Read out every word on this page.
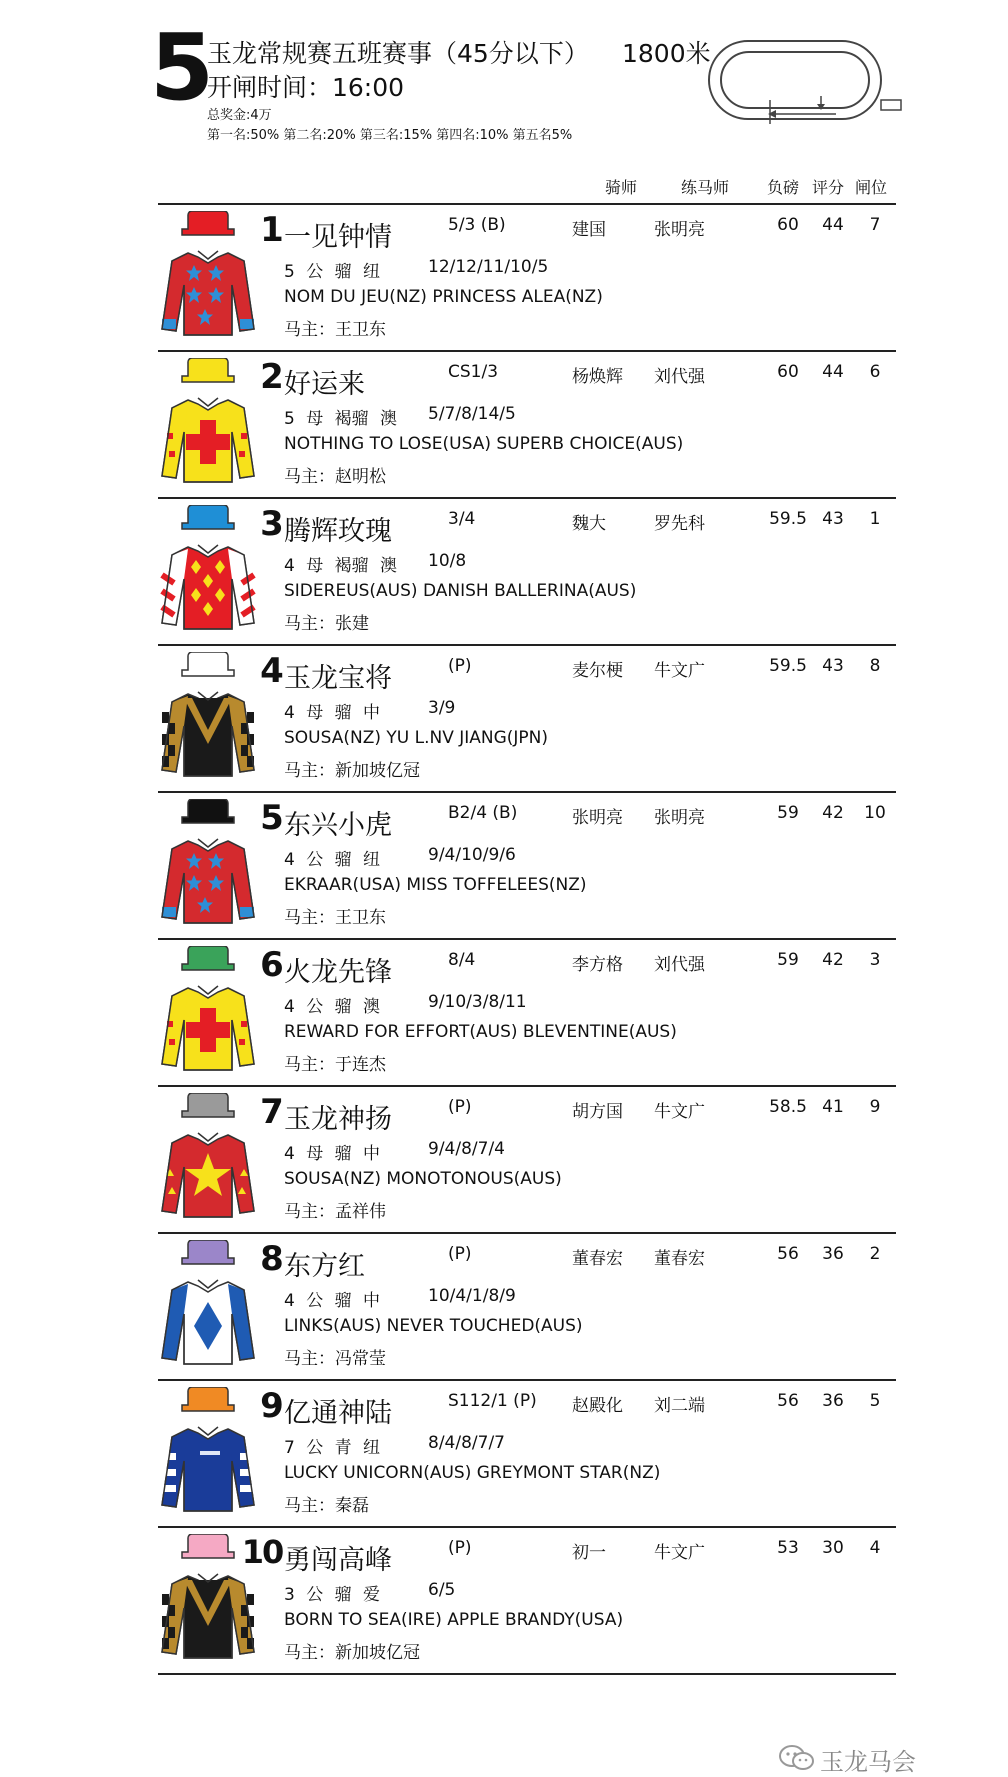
5
玉龙常规赛五班赛事（45分以下） 1800米
开闸时间：16:00
总奖金:4万
第一名:50% 第二名:20% 第三名:15% 第四名:10% 第五名5%
骑师	练马师 负磅 评分 闸位
1 一见钟情	5/3 (B)	建国	张明亮	60	44	7
5 公 骝 纽	12/12/11/10/5
NOM DU JEU(NZ) PRINCESS ALEA(NZ)
马主：王卫东
2 好运来	CS1/3	杨焕辉 刘代强	60	44	6
5 母 褐骝 澳 5/7/8/14/5
NOTHING TO LOSE(USA) SUPERB CHOICE(AUS)
马主：赵明松
3 腾辉玫瑰	3/4	魏大	罗先科	59.5 43	1
4 母 褐骝 澳 10/8
SIDEREUS(AUS) DANISH BALLERINA(AUS)
马主：张建
4 玉龙宝将	(P)	麦尔梗 牛文广	59.5 43	8
4 母 骝 中	3/9
SOUSA(NZ) YU L.NV JIANG(JPN)
马主：新加坡亿冠
5 东兴小虎	B2/4 (B)	张明亮 张明亮	59	42	10
4 公 骝 纽	9/4/10/9/6
EKRAAR(USA) MISS TOFFELEES(NZ)
马主：王卫东
6 火龙先锋	8/4	李方格 刘代强	59	42	3
4 公 骝 澳	9/10/3/8/11
REWARD FOR EFFORT(AUS) BLEVENTINE(AUS)
马主：于连杰
7 玉龙神扬	(P)	胡方国 牛文广	58.5 41	9
4 母 骝 中	9/4/8/7/4
SOUSA(NZ) MONOTONOUS(AUS)
马主：孟祥伟
8 东方红	(P)	董春宏 董春宏	56	36	2
4 公 骝 中	10/4/1/8/9
LINKS(AUS) NEVER TOUCHED(AUS)
马主：冯常莹
9 亿通神陆	S112/1 (P)	赵殿化 刘二端	56	36	5
7 公 青 纽	8/4/8/7/7
LUCKY UNICORN(AUS) GREYMONT STAR(NZ)
马主：秦磊
10 勇闯高峰	(P)	初一	牛文广	53	30	4
3 公 骝 爱	6/5
BORN TO SEA(IRE) APPLE BRANDY(USA)
马主：新加坡亿冠
玉龙马会
